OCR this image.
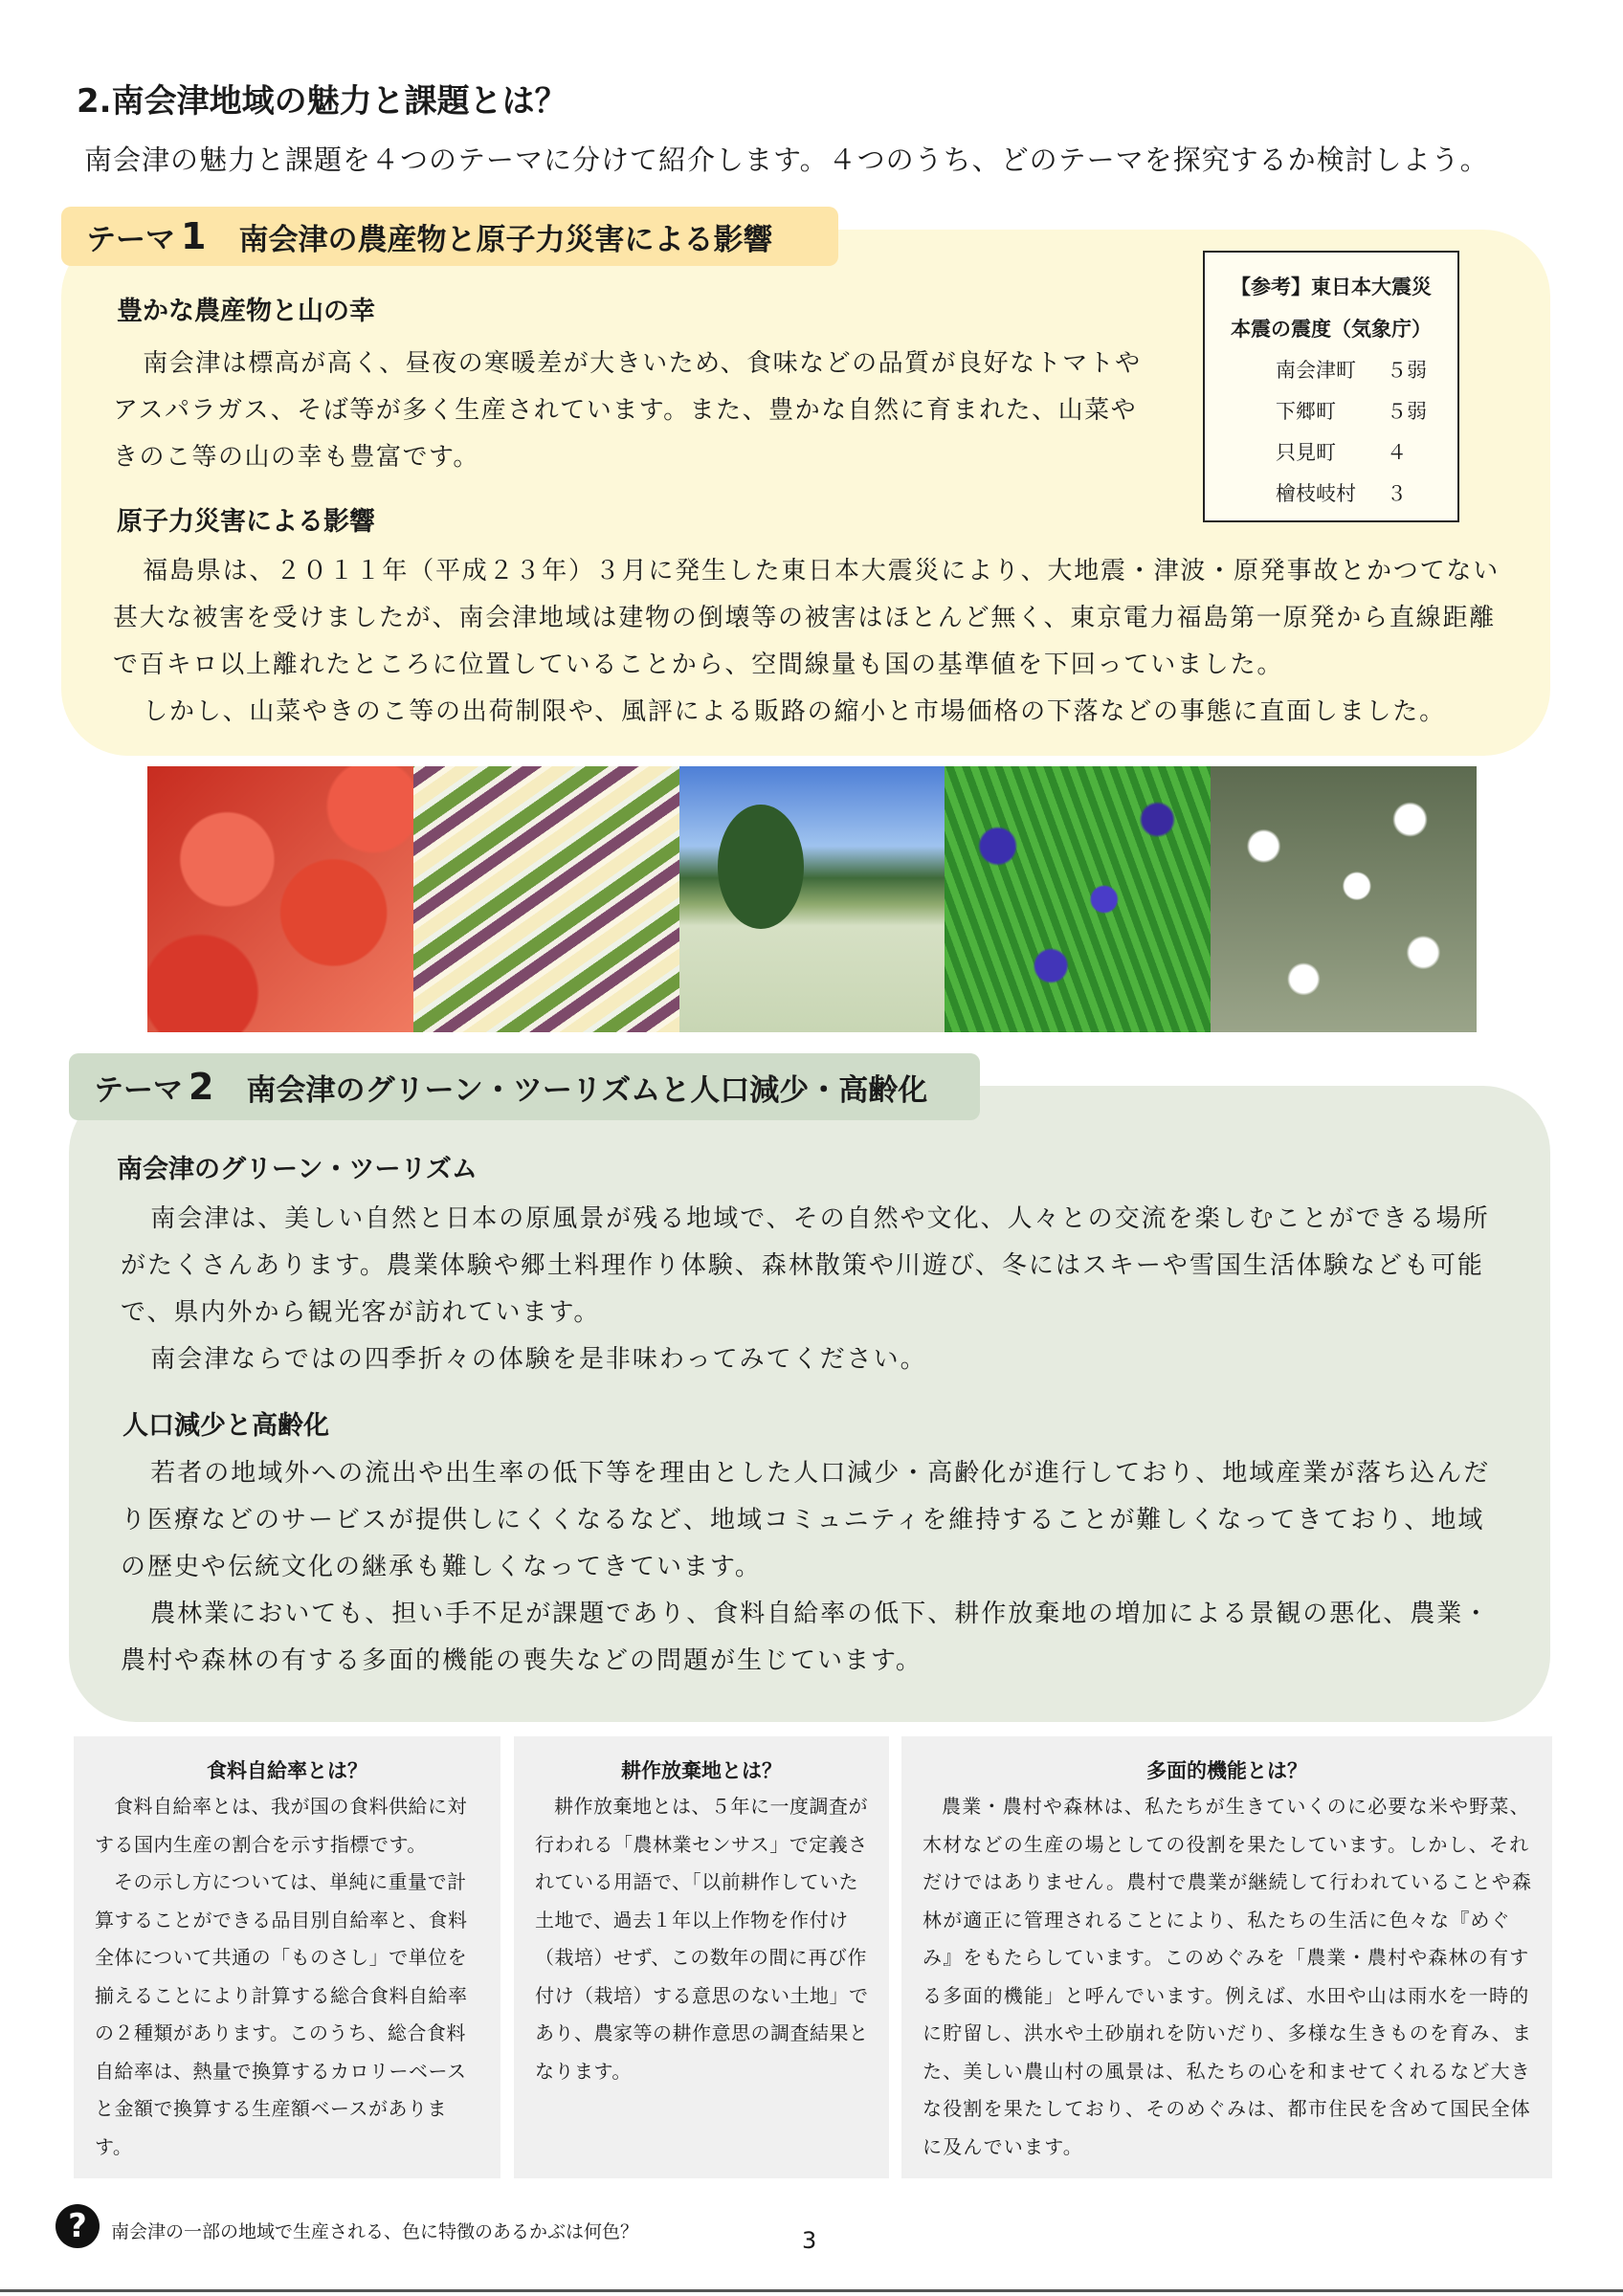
2.南会津地域の魅力と課題とは？
南会津の魅力と課題を４つのテーマに分けて紹介します。４つのうち、どのテーマを探究するか検討しよう。
テーマ 1 南会津の農産物と原子力災害による影響
豊かな農産物と山の幸

南会津は標高が高く、昼夜の寒暖差が大きいため、食味などの品質が良好なトマトやアスパラガス、そば等が多く生産されています。また、豊かな自然に育まれた、山菜やきのこ等の山の幸も豊富です。

原子力災害による影響

福島県は、２０１１年（平成２３年）３月に発生した東日本大震災により、大地震・津波・原発事故とかつてない甚大な被害を受けましたが、南会津地域は建物の倒壊等の被害はほとんど無く、東京電力福島第一原発から直線距離で百キロ以上離れたところに位置していることから、空間線量も国の基準値を下回っていました。

しかし、山菜やきのこ等の出荷制限や、風評による販路の縮小と市場価格の下落などの事態に直面しました。

【参考】東日本大震災
本震の震度（気象庁）
南会津町	５弱
下郷町	５弱
只見町	４
檜枝岐村	３
テーマ 2 南会津のグリーン・ツーリズムと人口減少・高齢化
南会津のグリーン・ツーリズム

南会津は、美しい自然と日本の原風景が残る地域で、その自然や文化、人々との交流を楽しむことができる場所がたくさんあります。農業体験や郷土料理作り体験、森林散策や川遊び、冬にはスキーや雪国生活体験なども可能で、県内外から観光客が訪れています。

南会津ならではの四季折々の体験を是非味わってみてください。

人口減少と高齢化

若者の地域外への流出や出生率の低下等を理由とした人口減少・高齢化が進行しており、地域産業が落ち込んだり医療などのサービスが提供しにくくなるなど、地域コミュニティを維持することが難しくなってきており、地域の歴史や伝統文化の継承も難しくなってきています。

農林業においても、担い手不足が課題であり、食料自給率の低下、耕作放棄地の増加による景観の悪化、農業・農村や森林の有する多面的機能の喪失などの問題が生じています。

食料自給率とは？

食料自給率とは、我が国の食料供給に対する国内生産の割合を示す指標です。

その示し方については、単純に重量で計算することができる品目別自給率と、食料全体について共通の「ものさし」で単位を揃えることにより計算する総合食料自給率の２種類があります。このうち、総合食料自給率は、熱量で換算するカロリーベースと金額で換算する生産額ベースがあります。

耕作放棄地とは？

耕作放棄地とは、５年に一度調査が行われる「農林業センサス」で定義されている用語で、「以前耕作していた土地で、過去１年以上作物を作付け（栽培）せず、この数年の間に再び作付け（栽培）する意思のない土地」であり、農家等の耕作意思の調査結果となります。

多面的機能とは？

農業・農村や森林は、私たちが生きていくのに必要な米や野菜、木材などの生産の場としての役割を果たしています。しかし、それだけではありません。農村で農業が継続して行われていることや森林が適正に管理されることにより、私たちの生活に色々な『めぐみ』をもたらしています。このめぐみを「農業・農村や森林の有する多面的機能」と呼んでいます。例えば、水田や山は雨水を一時的に貯留し、洪水や土砂崩れを防いだり、多様な生きものを育み、また、美しい農山村の風景は、私たちの心を和ませてくれるなど大きな役割を果たしており、そのめぐみは、都市住民を含めて国民全体に及んでいます。

?	南会津の一部の地域で生産される、色に特徴のあるかぶは何色？	3
